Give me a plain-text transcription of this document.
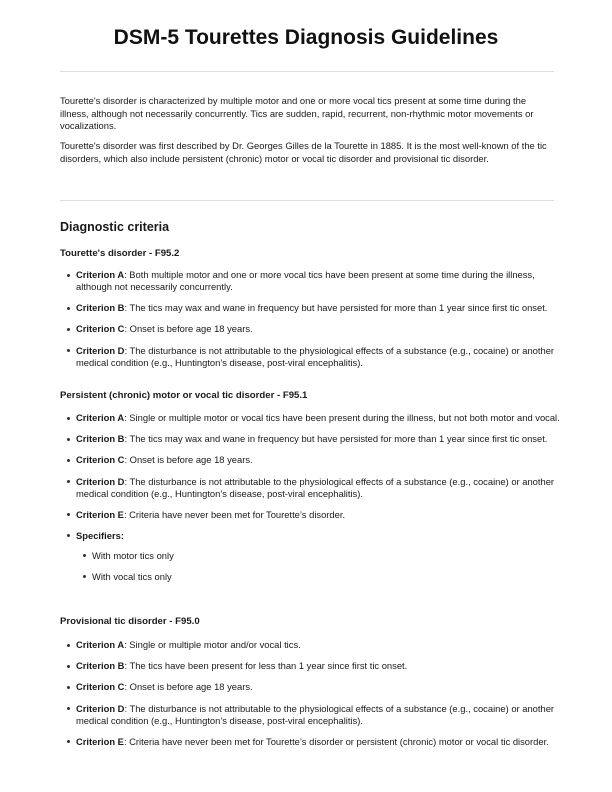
DSM-5 Tourettes Diagnosis Guidelines

Tourette's disorder is characterized by multiple motor and one or more vocal tics present at some time during the illness, although not necessarily concurrently. Tics are sudden, rapid, recurrent, non-rhythmic motor movements or vocalizations.

Tourette's disorder was first described by Dr. Georges Gilles de la Tourette in 1885. It is the most well-known of the tic disorders, which also include persistent (chronic) motor or vocal tic disorder and provisional tic disorder.

Diagnostic criteria
Tourette's disorder - F95.2
Criterion A: Both multiple motor and one or more vocal tics have been present at some time during the illness, although not necessarily concurrently.
Criterion B: The tics may wax and wane in frequency but have persisted for more than 1 year since first tic onset.
Criterion C: Onset is before age 18 years.
Criterion D: The disturbance is not attributable to the physiological effects of a substance (e.g., cocaine) or another medical condition (e.g., Huntington’s disease, post-viral encephalitis).
Persistent (chronic) motor or vocal tic disorder - F95.1
Criterion A: Single or multiple motor or vocal tics have been present during the illness, but not both motor and vocal.
Criterion B: The tics may wax and wane in frequency but have persisted for more than 1 year since first tic onset.
Criterion C: Onset is before age 18 years.
Criterion D: The disturbance is not attributable to the physiological effects of a substance (e.g., cocaine) or another medical condition (e.g., Huntington’s disease, post-viral encephalitis).
Criterion E: Criteria have never been met for Tourette’s disorder.
Specifiers:
With motor tics only
With vocal tics only
Provisional tic disorder - F95.0
Criterion A: Single or multiple motor and/or vocal tics.
Criterion B: The tics have been present for less than 1 year since first tic onset.
Criterion C: Onset is before age 18 years.
Criterion D: The disturbance is not attributable to the physiological effects of a substance (e.g., cocaine) or another medical condition (e.g., Huntington’s disease, post-viral encephalitis).
Criterion E: Criteria have never been met for Tourette’s disorder or persistent (chronic) motor or vocal tic disorder.
